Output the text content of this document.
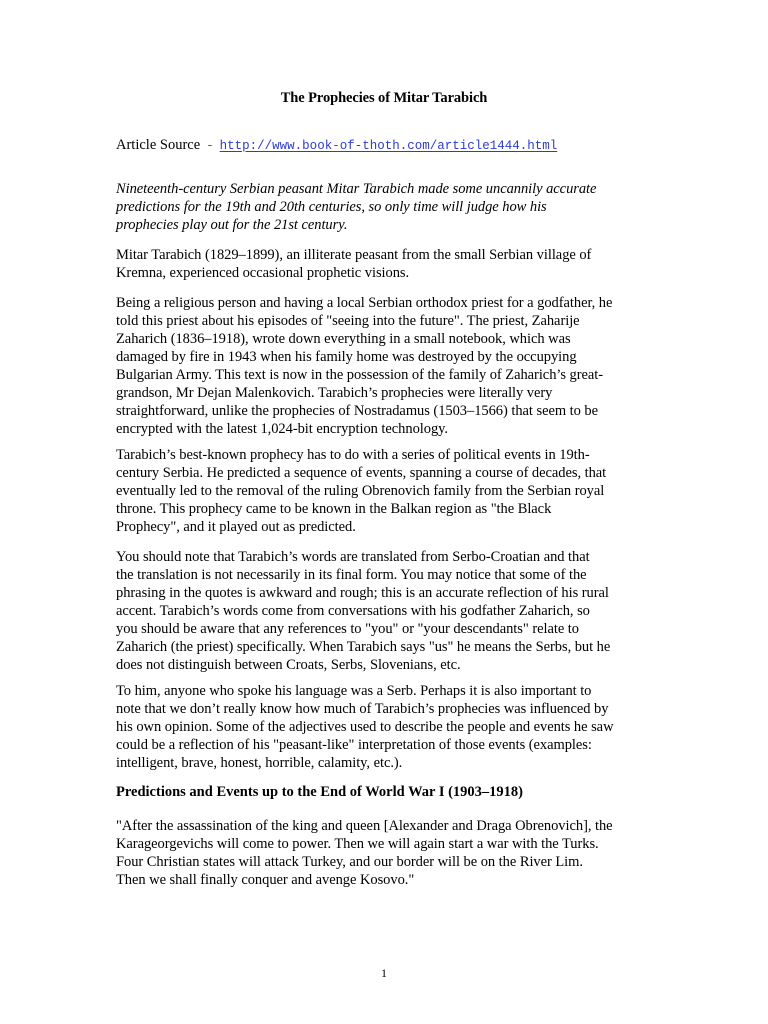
The Prophecies of Mitar Tarabich
Article Source - http://www.book-of-thoth.com/article1444.html

Nineteenth-century Serbian peasant Mitar Tarabich made some uncannily accurate
predictions for the 19th and 20th centuries, so only time will judge how his
prophecies play out for the 21st century.

Mitar Tarabich (1829–1899), an illiterate peasant from the small Serbian village of
Kremna, experienced occasional prophetic visions.

Being a religious person and having a local Serbian orthodox priest for a godfather, he
told this priest about his episodes of "seeing into the future". The priest, Zaharije
Zaharich (1836–1918), wrote down everything in a small notebook, which was
damaged by fire in 1943 when his family home was destroyed by the occupying
Bulgarian Army. This text is now in the possession of the family of Zaharich’s great-
grandson, Mr Dejan Malenkovich. Tarabich’s prophecies were literally very
straightforward, unlike the prophecies of Nostradamus (1503–1566) that seem to be
encrypted with the latest 1,024-bit encryption technology.

Tarabich’s best-known prophecy has to do with a series of political events in 19th-
century Serbia. He predicted a sequence of events, spanning a course of decades, that
eventually led to the removal of the ruling Obrenovich family from the Serbian royal
throne. This prophecy came to be known in the Balkan region as "the Black
Prophecy", and it played out as predicted.

You should note that Tarabich’s words are translated from Serbo-Croatian and that
the translation is not necessarily in its final form. You may notice that some of the
phrasing in the quotes is awkward and rough; this is an accurate reflection of his rural
accent. Tarabich’s words come from conversations with his godfather Zaharich, so
you should be aware that any references to "you" or "your descendants" relate to
Zaharich (the priest) specifically. When Tarabich says "us" he means the Serbs, but he
does not distinguish between Croats, Serbs, Slovenians, etc.

To him, anyone who spoke his language was a Serb. Perhaps it is also important to
note that we don’t really know how much of Tarabich’s prophecies was influenced by
his own opinion. Some of the adjectives used to describe the people and events he saw
could be a reflection of his "peasant-like" interpretation of those events (examples:
intelligent, brave, honest, horrible, calamity, etc.).

Predictions and Events up to the End of World War I (1903–1918)

"After the assassination of the king and queen [Alexander and Draga Obrenovich], the
Karageorgevichs will come to power. Then we will again start a war with the Turks.
Four Christian states will attack Turkey, and our border will be on the River Lim.
Then we shall finally conquer and avenge Kosovo."

1
